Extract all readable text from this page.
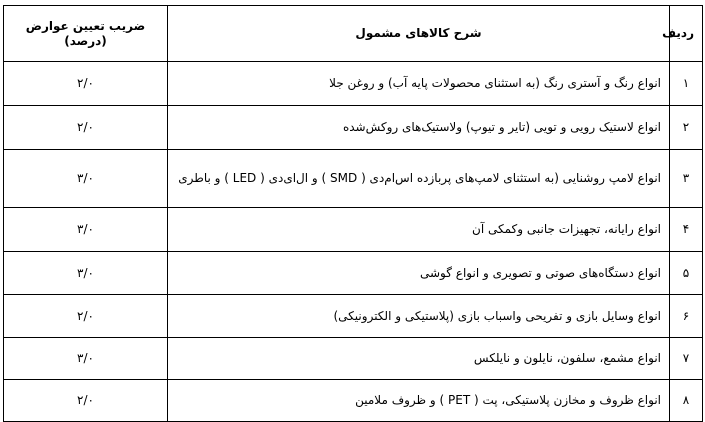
ردیف	شرح کالاهای مشمول	ضریب تعیین عوارض
(درصد)

۱	انواع رنگ و آستری رنگ (به استثنای محصولات پایه آب) و روغن جلا	۲/۰
۲	انواع لاستیک رویی و تویی (تایر و تیوپ) ولاستیک‌های روکش‌شده	۲/۰
۳	انواع لامپ روشنایی (به استثنای لامپ‌های پربازده اس‌ام‌دی ( SMD ) و ال‌ای‌دی ( LED ) و باطری	۳/۰
۴	انواع رایانه، تجهیزات جانبی وکمکی آن	۳/۰
۵	انواع دستگاه‌های صوتی و تصویری و انواع گوشی	۳/۰
۶	انواع وسایل بازی و تفریحی واسباب بازی (پلاستیکی و الکترونیکی)	۲/۰
۷	انواع مشمع، سلفون، نایلون و نایلکس	۳/۰
۸	انواع ظروف و مخازن پلاستیکی، پت ( PET ) و ظروف ملامین	۲/۰
